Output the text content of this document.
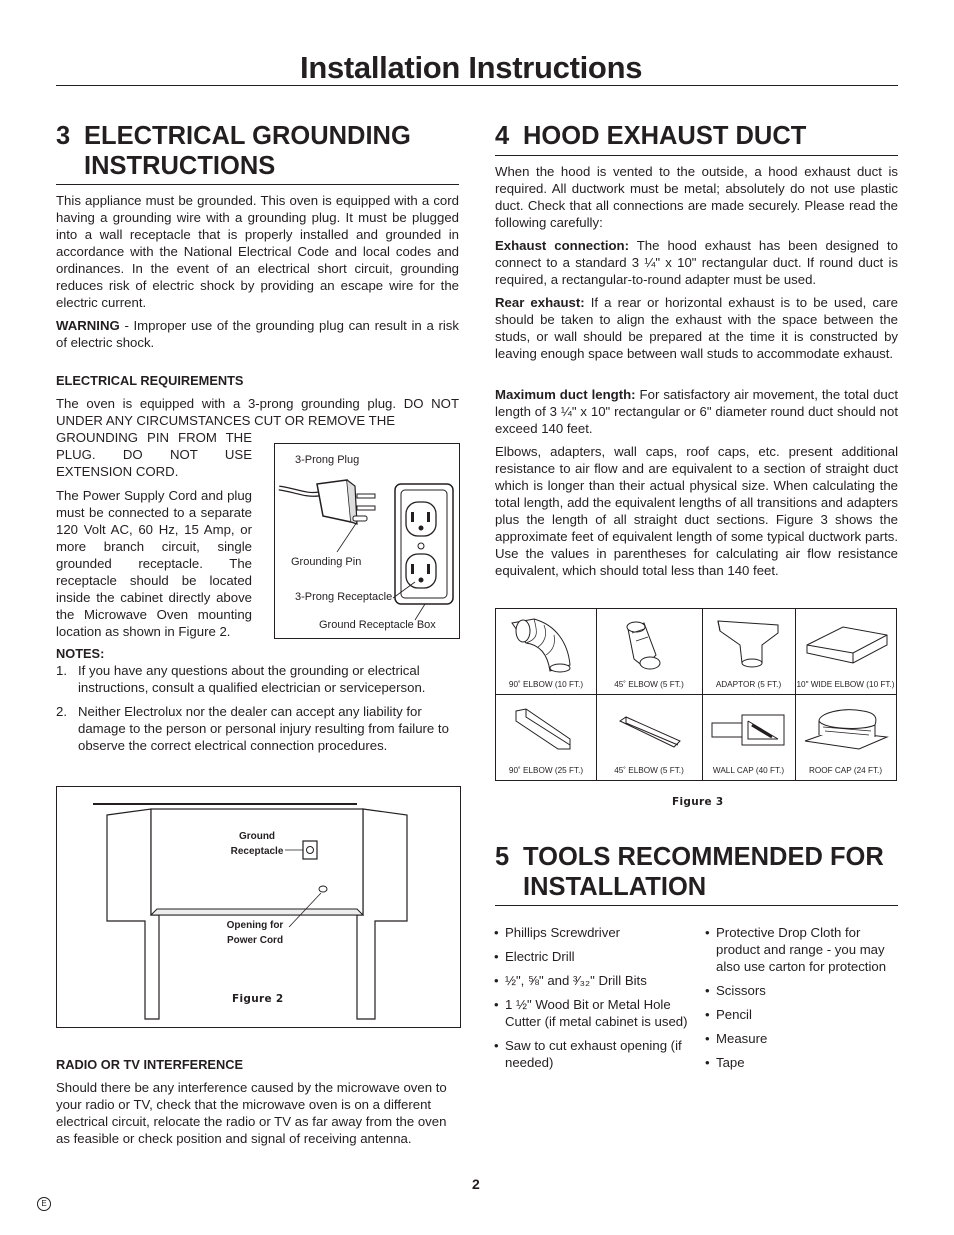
Installation Instructions
3 ELECTRICAL GROUNDING
INSTRUCTIONS
This appliance must be grounded. This oven is equipped with a cord having a grounding wire with a grounding plug. It must be plugged into a wall receptacle that is properly installed and grounded in accordance with the National Electrical Code and local codes and ordinances. In the event of an electrical short circuit, grounding reduces risk of electric shock by providing an escape wire for the electric current.
WARNING - Improper use of the grounding plug can result in a risk of electric shock.
ELECTRICAL REQUIREMENTS
The oven is equipped with a 3-prong grounding plug. DO NOT UNDER ANY CIRCUMSTANCES CUT OR REMOVE THE
GROUNDING PIN FROM THE PLUG. DO NOT USE EXTENSION CORD.
The Power Supply Cord and plug must be connected to a separate 120 Volt AC, 60 Hz, 15 Amp, or more branch circuit, single grounded receptacle. The receptacle should be located inside the cabinet directly above the Microwave Oven mounting location as shown in Figure 2.
3-Prong Plug
Grounding Pin
3-Prong Receptacle
Ground Receptacle Box
NOTES:
1. If you have any questions about the grounding or electrical instructions, consult a qualified electrician or serviceperson.
2. Neither Electrolux nor the dealer can accept any liability for damage to the person or personal injury resulting from failure to observe the correct electrical connection procedures.
Ground
Receptacle
Opening for
Power Cord
Figure 2
RADIO OR TV INTERFERENCE
Should there be any interference caused by the microwave oven to your radio or TV, check that the microwave oven is on a different electrical circuit, relocate the radio or TV as far away from the oven as feasible or check position and signal of receiving antenna.
4 HOOD EXHAUST DUCT
When the hood is vented to the outside, a hood exhaust duct is required. All ductwork must be metal; absolutely do not use plastic duct. Check that all connections are made securely. Please read the following carefully:
Exhaust connection: The hood exhaust has been designed to connect to a standard 3 ¼" x 10" rectangular duct. If round duct is required, a rectangular-to-round adapter must be used.
Rear exhaust: If a rear or horizontal exhaust is to be used, care should be taken to align the exhaust with the space between the studs, or wall should be prepared at the time it is constructed by leaving enough space between wall studs to accommodate exhaust.
Maximum duct length: For satisfactory air movement, the total duct length of 3 ¼" x 10" rectangular or 6" diameter round duct should not exceed 140 feet.
Elbows, adapters, wall caps, roof caps, etc. present additional resistance to air flow and are equivalent to a section of straight duct which is longer than their actual physical size. When calculating the total length, add the equivalent lengths of all transitions and adapters plus the length of all straight duct sections. Figure 3 shows the approximate feet of equivalent length of some typical ductwork parts. Use the values in parentheses for calculating air flow resistance equivalent, which should total less than 140 feet.
90˚ ELBOW (10 FT.)	45˚ ELBOW (5 FT.)	ADAPTOR (5 FT.)	10" WIDE ELBOW (10 FT.)
90˚ ELBOW (25 FT.)	45˚ ELBOW (5 FT.)	WALL CAP (40 FT.)	ROOF CAP (24 FT.)
Figure 3
5 TOOLS RECOMMENDED FOR
INSTALLATION
• Phillips Screwdriver
• Electric Drill
• ½", ⅝" and ³⁄₃₂" Drill Bits
• 1 ½" Wood Bit or Metal Hole Cutter (if metal cabinet is used)
• Saw to cut exhaust opening (if needed)
• Protective Drop Cloth for product and range - you may also use carton for protection
• Scissors
• Pencil
• Measure
• Tape
2
E
